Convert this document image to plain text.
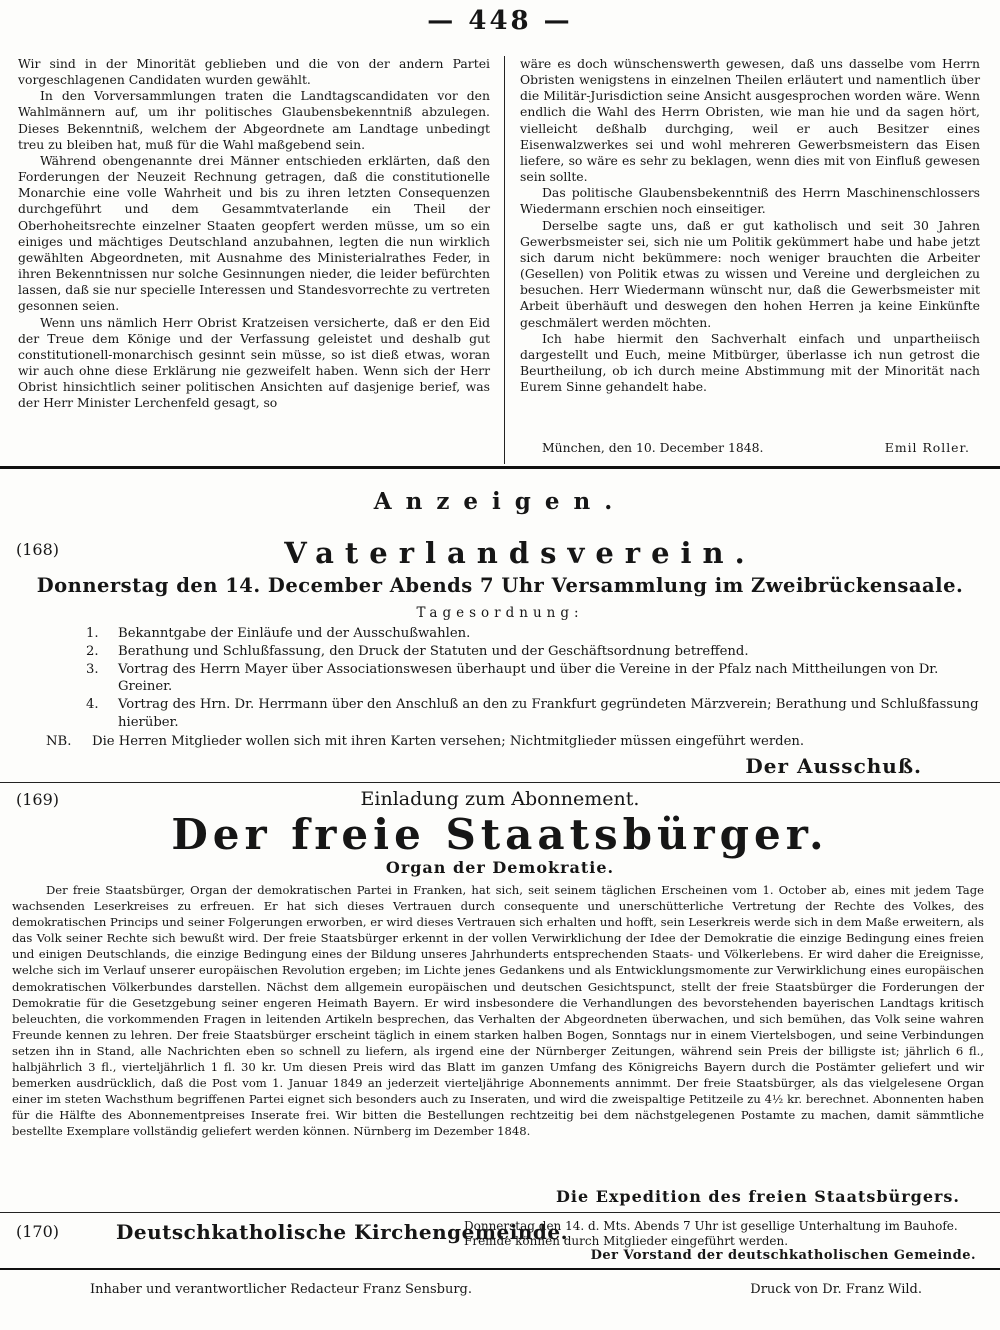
— 448 —

Wir sind in der Minorität geblieben und die von der andern Partei vorgeschlagenen Candidaten wurden gewählt.

In den Vorversammlungen traten die Landtagscandidaten vor den Wahlmännern auf, um ihr politisches Glaubensbekenntniß abzulegen. Dieses Bekenntniß, welchem der Abgeordnete am Landtage unbedingt treu zu bleiben hat, muß für die Wahl maßgebend sein.

Während obengenannte drei Männer entschieden erklärten, daß den Forderungen der Neuzeit Rechnung getragen, daß die constitutionelle Monarchie eine volle Wahrheit und bis zu ihren letzten Consequenzen durchgeführt und dem Gesammtvaterlande ein Theil der Oberhoheitsrechte einzelner Staaten geopfert werden müsse, um so ein einiges und mächtiges Deutschland anzubahnen, legten die nun wirklich gewählten Abgeordneten, mit Ausnahme des Ministerialrathes Feder, in ihren Bekenntnissen nur solche Gesinnungen nieder, die leider befürchten lassen, daß sie nur specielle Interessen und Standesvorrechte zu vertreten gesonnen seien.

Wenn uns nämlich Herr Obrist Kratzeisen versicherte, daß er den Eid der Treue dem Könige und der Verfassung geleistet und deshalb gut constitutionell-monarchisch gesinnt sein müsse, so ist dieß etwas, woran wir auch ohne diese Erklärung nie gezweifelt haben. Wenn sich der Herr Obrist hinsichtlich seiner politischen Ansichten auf dasjenige berief, was der Herr Minister Lerchenfeld gesagt, so

wäre es doch wünschenswerth gewesen, daß uns dasselbe vom Herrn Obristen wenigstens in einzelnen Theilen erläutert und namentlich über die Militär-Jurisdiction seine Ansicht ausgesprochen worden wäre. Wenn endlich die Wahl des Herrn Obristen, wie man hie und da sagen hört, vielleicht deßhalb durchging, weil er auch Besitzer eines Eisenwalzwerkes sei und wohl mehreren Gewerbsmeistern das Eisen liefere, so wäre es sehr zu beklagen, wenn dies mit von Einfluß gewesen sein sollte.

Das politische Glaubensbekenntniß des Herrn Maschinenschlossers Wiedermann erschien noch einseitiger.

Derselbe sagte uns, daß er gut katholisch und seit 30 Jahren Gewerbsmeister sei, sich nie um Politik gekümmert habe und habe jetzt sich darum nicht bekümmere: noch weniger brauchten die Arbeiter (Gesellen) von Politik etwas zu wissen und Vereine und dergleichen zu besuchen. Herr Wiedermann wünscht nur, daß die Gewerbsmeister mit Arbeit überhäuft und deswegen den hohen Herren ja keine Einkünfte geschmälert werden möchten.

Ich habe hiermit den Sachverhalt einfach und unpartheiisch dargestellt und Euch, meine Mitbürger, überlasse ich nun getrost die Beurtheilung, ob ich durch meine Abstimmung mit der Minorität nach Eurem Sinne gehandelt habe.

München, den 10. December 1848.	Emil Roller.
Anzeigen.
(168)	Vaterlandsverein.
Donnerstag den 14. December Abends 7 Uhr Versammlung im Zweibrückensaale.
Tagesordnung:
1. Bekanntgabe der Einläufe und der Ausschußwahlen.
2. Berathung und Schlußfassung, den Druck der Statuten und der Geschäftsordnung betreffend.
3. Vortrag des Herrn Mayer über Associationswesen überhaupt und über die Vereine in der Pfalz nach Mittheilungen von Dr. Greiner.
4. Vortrag des Hrn. Dr. Herrmann über den Anschluß an den zu Frankfurt gegründeten Märzverein; Berathung und Schlußfassung hierüber.
NB. Die Herren Mitglieder wollen sich mit ihren Karten versehen; Nichtmitglieder müssen eingeführt werden.
Der Ausschuß.
(169)	Einladung zum Abonnement.
Der freie Staatsbürger.
Organ der Demokratie.

Der freie Staatsbürger, Organ der demokratischen Partei in Franken, hat sich, seit seinem täglichen Erscheinen vom 1. October ab, eines mit jedem Tage wachsenden Leserkreises zu erfreuen. Er hat sich dieses Vertrauen durch consequente und unerschütterliche Vertretung der Rechte des Volkes, des demokratischen Princips und seiner Folgerungen erworben, er wird dieses Vertrauen sich erhalten und hofft, sein Leserkreis werde sich in dem Maße erweitern, als das Volk seiner Rechte sich bewußt wird. Der freie Staatsbürger erkennt in der vollen Verwirklichung der Idee der Demokratie die einzige Bedingung eines freien und einigen Deutschlands, die einzige Bedingung eines der Bildung unseres Jahrhunderts entsprechenden Staats- und Völkerlebens. Er wird daher die Ereignisse, welche sich im Verlauf unserer europäischen Revolution ergeben; im Lichte jenes Gedankens und als Entwicklungsmomente zur Verwirklichung eines europäischen demokratischen Völkerbundes darstellen. Nächst dem allgemein europäischen und deutschen Gesichtspunct, stellt der freie Staatsbürger die Forderungen der Demokratie für die Gesetzgebung seiner engeren Heimath Bayern. Er wird insbesondere die Verhandlungen des bevorstehenden bayerischen Landtags kritisch beleuchten, die vorkommenden Fragen in leitenden Artikeln besprechen, das Verhalten der Abgeordneten überwachen, und sich bemühen, das Volk seine wahren Freunde kennen zu lehren. Der freie Staatsbürger erscheint täglich in einem starken halben Bogen, Sonntags nur in einem Viertelsbogen, und seine Verbindungen setzen ihn in Stand, alle Nachrichten eben so schnell zu liefern, als irgend eine der Nürnberger Zeitungen, während sein Preis der billigste ist; jährlich 6 fl., halbjährlich 3 fl., vierteljährlich 1 fl. 30 kr. Um diesen Preis wird das Blatt im ganzen Umfang des Königreichs Bayern durch die Postämter geliefert und wir bemerken ausdrücklich, daß die Post vom 1. Januar 1849 an jederzeit vierteljährige Abonnements annimmt. Der freie Staatsbürger, als das vielgelesene Organ einer im steten Wachsthum begriffenen Partei eignet sich besonders auch zu Inseraten, und wird die zweispaltige Petitzeile zu 4½ kr. berechnet. Abonnenten haben für die Hälfte des Abonnementpreises Inserate frei. Wir bitten die Bestellungen rechtzeitig bei dem nächstgelegenen Postamte zu machen, damit sämmtliche bestellte Exemplare vollständig geliefert werden können. Nürnberg im Dezember 1848.

Die Expedition des freien Staatsbürgers.
(170)	Deutschkatholische Kirchengemeinde.
Donnerstag den 14. d. Mts. Abends 7 Uhr ist gesellige Unterhaltung im Bauhofe.
Fremde können durch Mitglieder eingeführt werden.
Der Vorstand der deutschkatholischen Gemeinde.
Inhaber und verantwortlicher Redacteur Franz Sensburg.	Druck von Dr. Franz Wild.
